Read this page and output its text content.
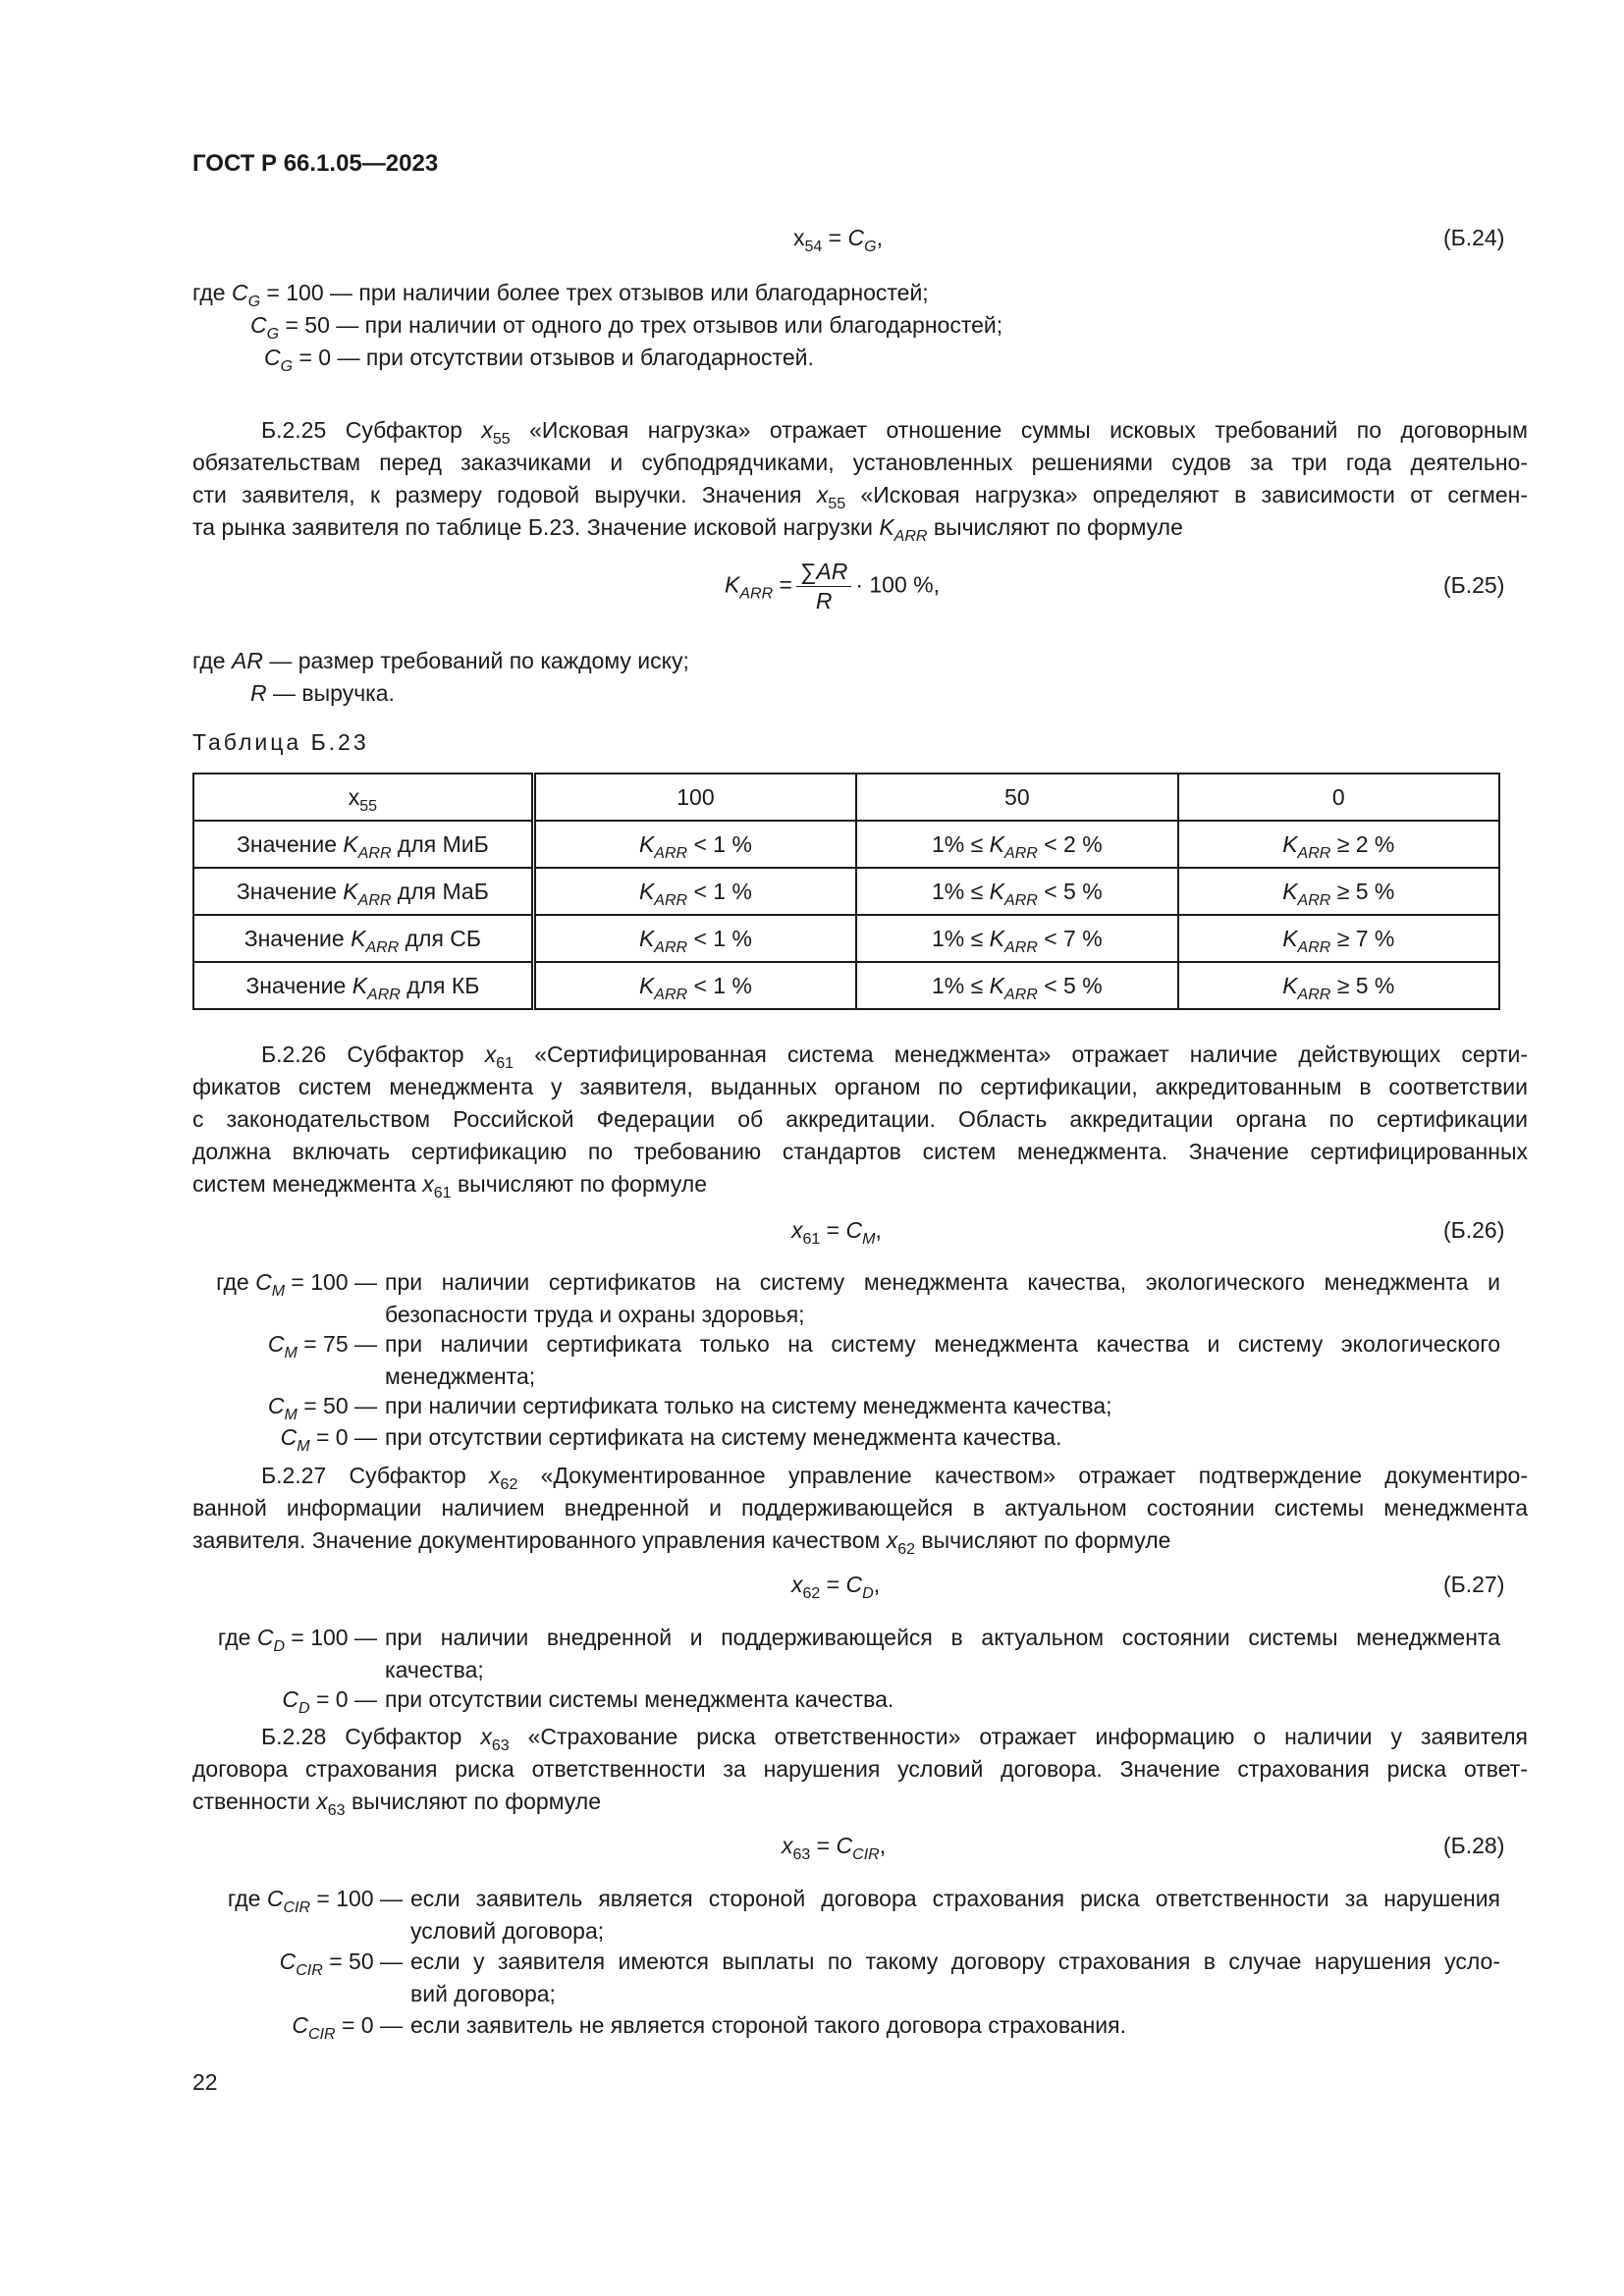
ГОСТ Р 66.1.05—2023
$x_{54} = C_G$,	(Б.24)
где $C_G = 100$ — при наличии более трех отзывов или благодарностей;
$C_G = 50$ — при наличии от одного до трех отзывов или благодарностей;
$C_G = 0$ — при отсутствии отзывов и благодарностей.
Б.2.25 Субфактор $x_{55}$ «Исковая нагрузка» отражает отношение суммы исковых требований по договорным
обязательствам перед заказчиками и субподрядчиками, установленных решениями судов за три года деятельно-
сти заявителя, к размеру годовой выручки. Значения $x_{55}$ «Исковая нагрузка» определяют в зависимости от сегмен-
та рынка заявителя по таблице Б.23. Значение исковой нагрузки $K_{ARR}$ вычисляют по формуле
$K_{ARR} = \frac{\sum AR}{R} \cdot 100$ %,	(Б.25)
где AR — размер требований по каждому иску;
R — выручка.
Таблица Б.23
$x_{55}$	100	50	0
Значение $K_{ARR}$ для МиБ	$K_{ARR} < 1$ %	$1\% \le K_{ARR} < 2$ %	$K_{ARR} \ge 2$ %
Значение $K_{ARR}$ для МаБ	$K_{ARR} < 1$ %	$1\% \le K_{ARR} < 5$ %	$K_{ARR} \ge 5$ %
Значение $K_{ARR}$ для СБ	$K_{ARR} < 1$ %	$1\% \le K_{ARR} < 7$ %	$K_{ARR} \ge 7$ %
Значение $K_{ARR}$ для КБ	$K_{ARR} < 1$ %	$1\% \le K_{ARR} < 5$ %	$K_{ARR} \ge 5$ %
Б.2.26 Субфактор $x_{61}$ «Сертифицированная система менеджмента» отражает наличие действующих серти-
фикатов систем менеджмента у заявителя, выданных органом по сертификации, аккредитованным в соответствии
с законодательством Российской Федерации об аккредитации. Область аккредитации органа по сертификации
должна включать сертификацию по требованию стандартов систем менеджмента. Значение сертифицированных
систем менеджмента $x_{61}$ вычисляют по формуле
$x_{61} = C_M$,	(Б.26)
где $C_M = 100$ — при наличии сертификатов на систему менеджмента качества, экологического менеджмента и
безопасности труда и охраны здоровья;
$C_M = 75$ — при наличии сертификата только на систему менеджмента качества и систему экологического
менеджмента;
$C_M = 50$ — при наличии сертификата только на систему менеджмента качества;
$C_M = 0$ — при отсутствии сертификата на систему менеджмента качества.
Б.2.27 Субфактор $x_{62}$ «Документированное управление качеством» отражает подтверждение документиро-
ванной информации наличием внедренной и поддерживающейся в актуальном состоянии системы менеджмента
заявителя. Значение документированного управления качеством $x_{62}$ вычисляют по формуле
$x_{62} = C_D$,	(Б.27)
где $C_D = 100$ — при наличии внедренной и поддерживающейся в актуальном состоянии системы менеджмента
качества;
$C_D = 0$ — при отсутствии системы менеджмента качества.
Б.2.28 Субфактор $x_{63}$ «Страхование риска ответственности» отражает информацию о наличии у заявителя
договора страхования риска ответственности за нарушения условий договора. Значение страхования риска ответ-
ственности $x_{63}$ вычисляют по формуле
$x_{63} = C_{CIR}$,	(Б.28)
где $C_{CIR} = 100$ — если заявитель является стороной договора страхования риска ответственности за нарушения
условий договора;
$C_{CIR} = 50$ — если у заявителя имеются выплаты по такому договору страхования в случае нарушения усло-
вий договора;
$C_{CIR} = 0$ — если заявитель не является стороной такого договора страхования.
22
